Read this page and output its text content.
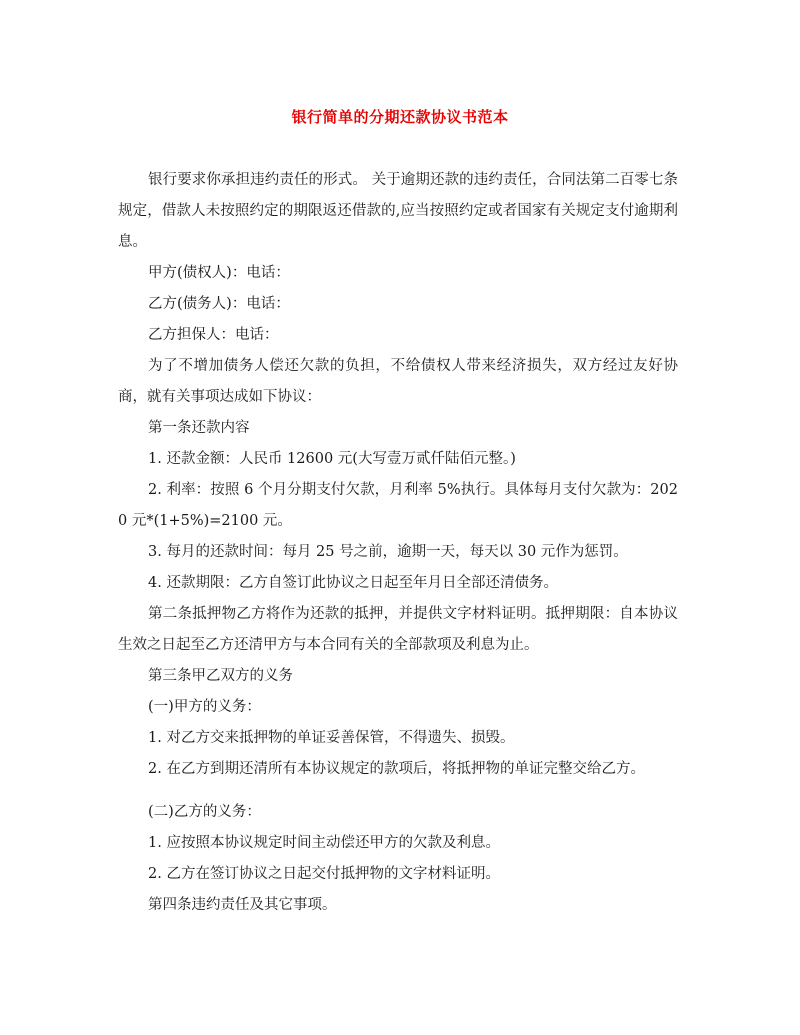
银行简单的分期还款协议书范本

银行要求你承担违约责任的形式。 关于逾期还款的违约责任，合同法第二百零七条规定，借款人未按照约定的期限返还借款的,应当按照约定或者国家有关规定支付逾期利息。

甲方(债权人)：电话：

乙方(债务人)：电话：

乙方担保人：电话：

为了不增加债务人偿还欠款的负担，不给债权人带来经济损失，双方经过友好协商，就有关事项达成如下协议：

第一条还款内容

1. 还款金额：人民币 12600 元(大写壹万贰仟陆佰元整。)

2. 利率：按照 6 个月分期支付欠款，月利率 5%执行。具体每月支付欠款为：2020 元*(1+5%)=2100 元。

3. 每月的还款时间：每月 25 号之前，逾期一天，每天以 30 元作为惩罚。

4. 还款期限：乙方自签订此协议之日起至年月日全部还清债务。

第二条抵押物乙方将作为还款的抵押，并提供文字材料证明。抵押期限：自本协议生效之日起至乙方还清甲方与本合同有关的全部款项及利息为止。

第三条甲乙双方的义务

(一)甲方的义务：

1. 对乙方交来抵押物的单证妥善保管，不得遗失、损毁。

2. 在乙方到期还清所有本协议规定的款项后，将抵押物的单证完整交给乙方。

(二)乙方的义务：

1. 应按照本协议规定时间主动偿还甲方的欠款及利息。

2. 乙方在签订协议之日起交付抵押物的文字材料证明。

第四条违约责任及其它事项。
